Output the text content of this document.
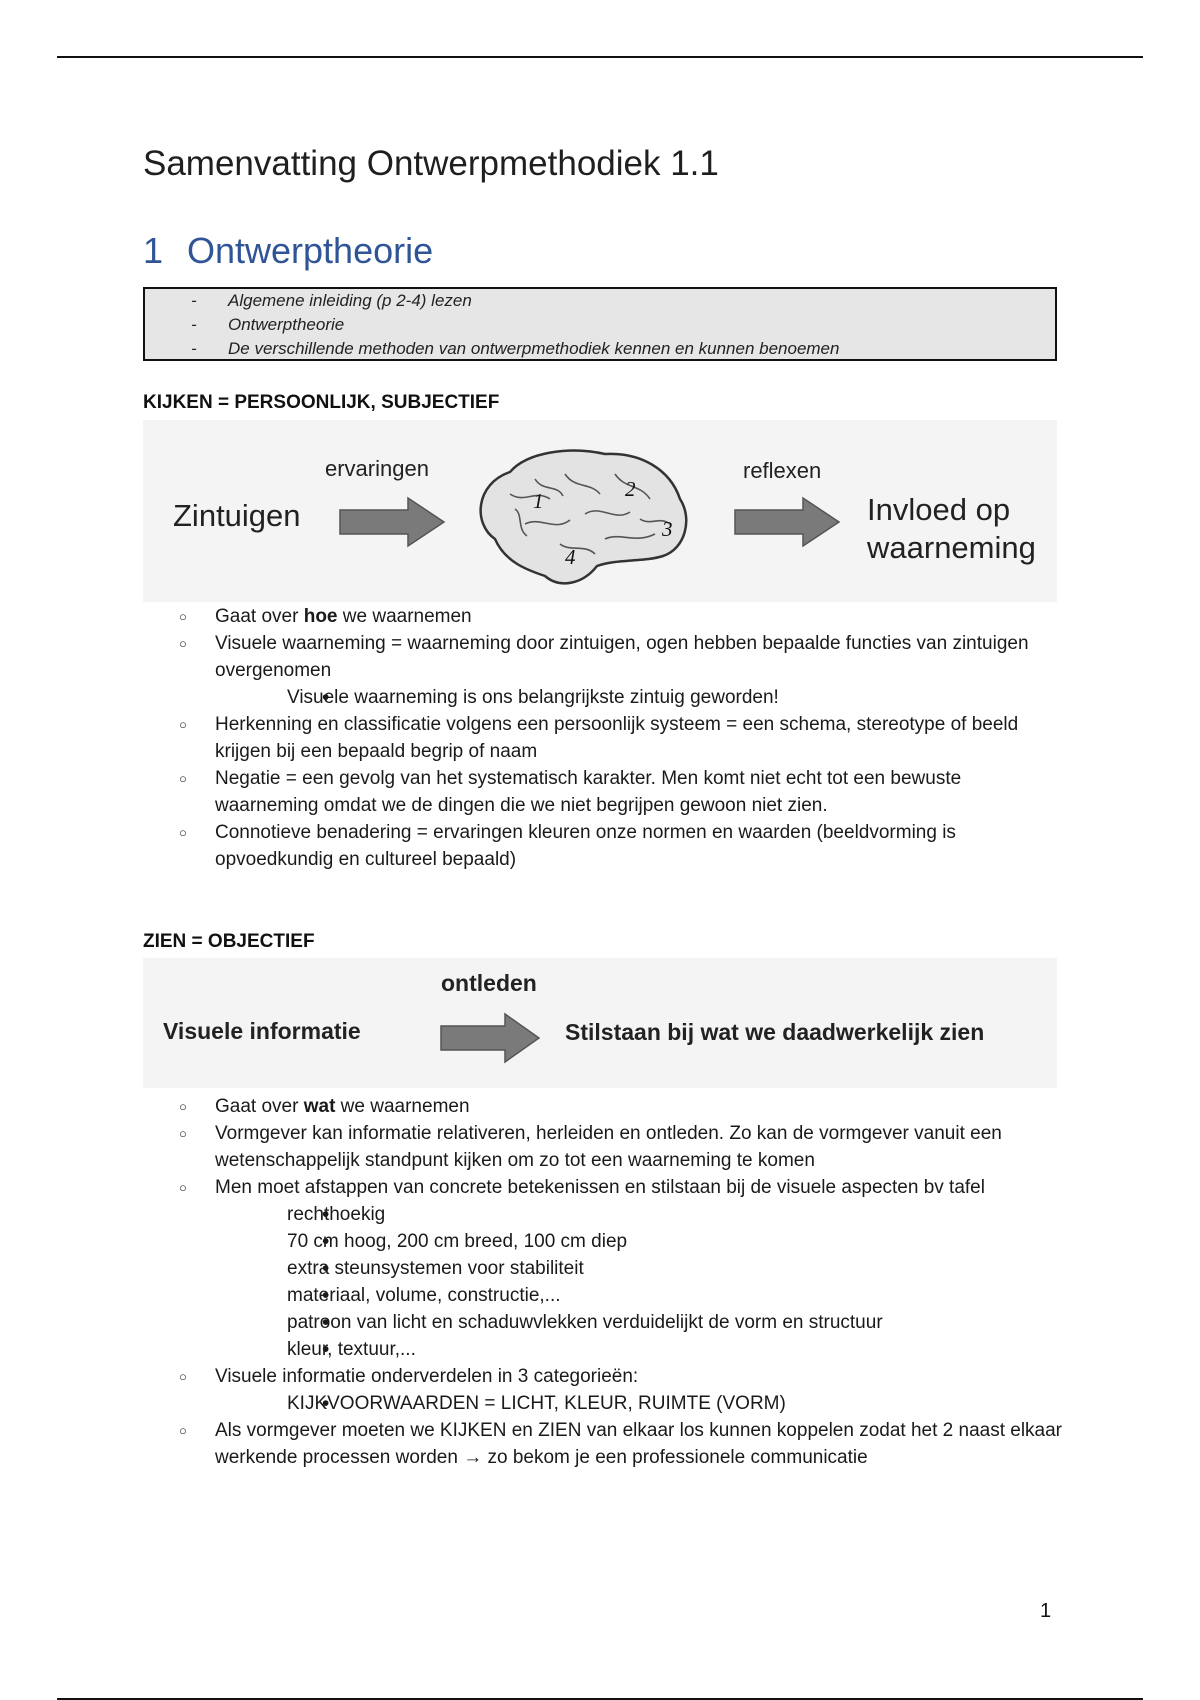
Samenvatting Ontwerpmethodiek 1.1
1 Ontwerptheorie
- Algemene inleiding (p 2-4) lezen
- Ontwerptheorie
- De verschillende methoden van ontwerpmethodiek kennen en kunnen benoemen
KIJKEN = PERSOONLIJK, SUBJECTIEF
Zintuigen
ervaringen
1	2
3
4
reflexen
Invloed op
waarneming
○ Gaat over hoe we waarnemen
○ Visuele waarneming = waarneming door zintuigen, ogen hebben bepaalde functies van zintuigen overgenomen
• Visuele waarneming is ons belangrijkste zintuig geworden!
○ Herkenning en classificatie volgens een persoonlijk systeem = een schema, stereotype of beeld krijgen bij een bepaald begrip of naam
○ Negatie = een gevolg van het systematisch karakter. Men komt niet echt tot een bewuste waarneming omdat we de dingen die we niet begrijpen gewoon niet zien.
○ Connotieve benadering = ervaringen kleuren onze normen en waarden (beeldvorming is opvoedkundig en cultureel bepaald)
ZIEN = OBJECTIEF
Visuele informatie
ontleden
Stilstaan bij wat we daadwerkelijk zien
○ Gaat over wat we waarnemen
○ Vormgever kan informatie relativeren, herleiden en ontleden. Zo kan de vormgever vanuit een wetenschappelijk standpunt kijken om zo tot een waarneming te komen
○ Men moet afstappen van concrete betekenissen en stilstaan bij de visuele aspecten bv tafel
• rechthoekig
• 70 cm hoog, 200 cm breed, 100 cm diep
• extra steunsystemen voor stabiliteit
• materiaal, volume, constructie,...
• patroon van licht en schaduwvlekken verduidelijkt de vorm en structuur
• kleur, textuur,...
○ Visuele informatie onderverdelen in 3 categorieën:
• KIJKVOORWAARDEN = LICHT, KLEUR, RUIMTE (VORM)
○ Als vormgever moeten we KIJKEN en ZIEN van elkaar los kunnen koppelen zodat het 2 naast elkaar werkende processen worden → zo bekom je een professionele communicatie
1
